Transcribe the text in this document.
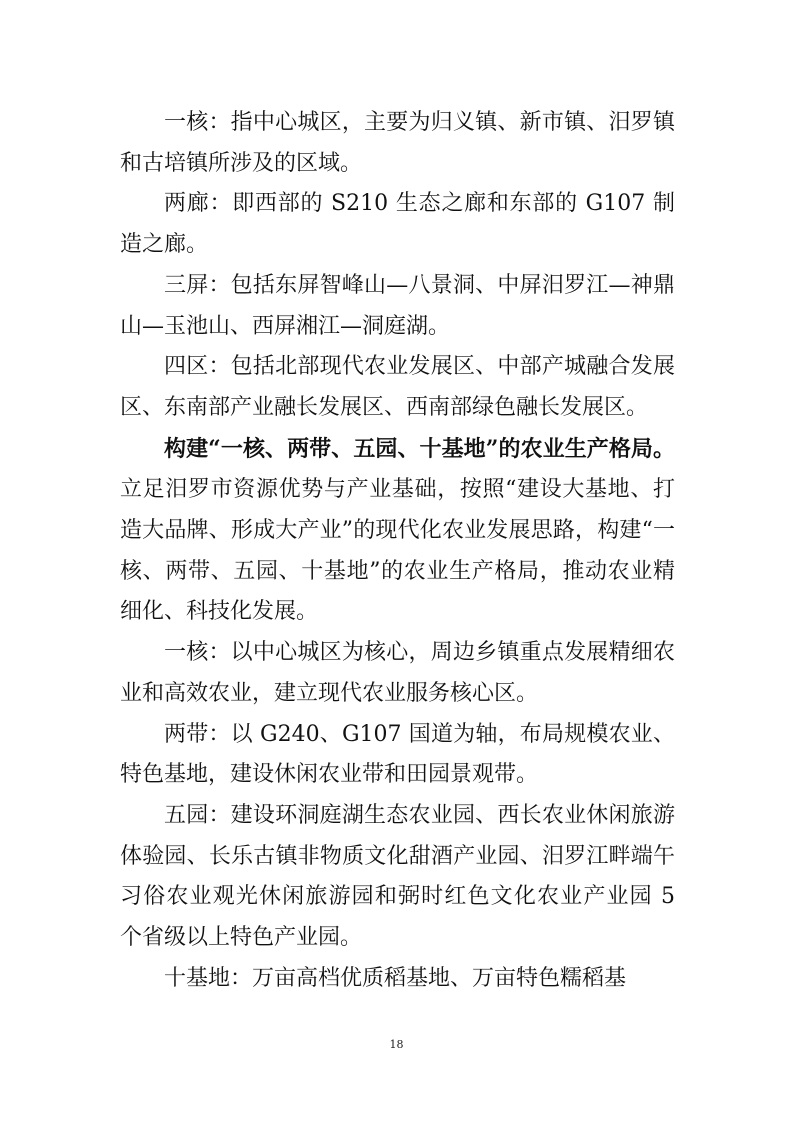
一核：指中心城区，主要为归义镇、新市镇、汨罗镇和古培镇所涉及的区域。

两廊：即西部的 S210 生态之廊和东部的 G107 制造之廊。

三屏：包括东屏智峰山—八景洞、中屏汨罗江—神鼎山—玉池山、西屏湘江—洞庭湖。

四区：包括北部现代农业发展区、中部产城融合发展区、东南部产业融长发展区、西南部绿色融长发展区。

构建“一核、两带、五园、十基地”的农业生产格局。立足汨罗市资源优势与产业基础，按照“建设大基地、打造大品牌、形成大产业”的现代化农业发展思路，构建“一核、两带、五园、十基地”的农业生产格局，推动农业精细化、科技化发展。

一核：以中心城区为核心，周边乡镇重点发展精细农业和高效农业，建立现代农业服务核心区。

两带：以 G240、G107 国道为轴，布局规模农业、特色基地，建设休闲农业带和田园景观带。

五园：建设环洞庭湖生态农业园、西长农业休闲旅游体验园、长乐古镇非物质文化甜酒产业园、汨罗江畔端午习俗农业观光休闲旅游园和弼时红色文化农业产业园 5 个省级以上特色产业园。

十基地：万亩高档优质稻基地、万亩特色糯稻基

18
